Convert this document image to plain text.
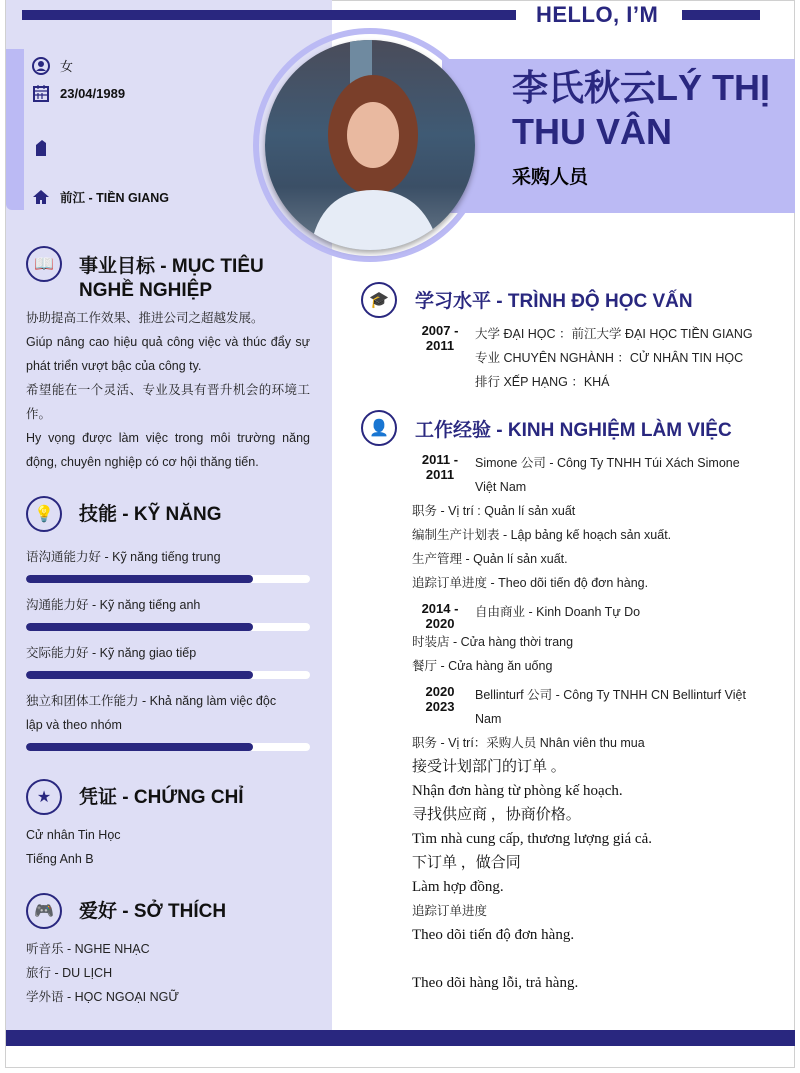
HELLO, I’M
李氏秋云LÝ THỊ THU VÂN
采购人员
女
23/04/1989
前江 - TIỀN GIANG
📖	事业目标 - MỤC TIÊU NGHỀ NGHIỆP
协助提高工作效果、推进公司之超越发展。
Giúp nâng cao hiệu quả công việc và thúc đẩy sự phát triển vượt bậc của công ty.
希望能在一个灵活、专业及具有晋升机会的环境工作。
Hy vọng được làm việc trong môi trường năng động, chuyên nghiệp có cơ hội thăng tiến.
💡	技能 - KỸ NĂNG
语沟通能力好 - Kỹ năng tiếng trung
沟通能力好 - Kỹ năng tiếng anh
交际能力好 - Kỹ năng giao tiếp
独立和团体工作能力 - Khả năng làm việc độc lập và theo nhóm
★	凭证 - CHỨNG CHỈ
Cử nhân Tin Học
Tiếng Anh B
🎮	爱好 - SỞ THÍCH
听音乐 - NGHE NHẠC
旅行 - DU LỊCH
学外语 - HỌC NGOẠI NGỮ
🎓	学习水平 - TRÌNH ĐỘ HỌC VẤN
2007 - 2011
大学 ĐẠI HỌC ：前江大学 ĐẠI HỌC TIỀN GIANG
专业 CHUYÊN NGHÀNH ：CỬ NHÂN TIN HỌC
排行 XẾP HẠNG ：KHÁ
👤	工作经验 - KINH NGHIỆM LÀM VIỆC
2011 - 2011
Simone 公司 - Công Ty TNHH Túi Xách Simone Việt Nam
职务 - Vị trí : Quản lí sản xuất
编制生产计划表 - Lập bảng kế hoạch sản xuất.
生产管理 - Quản lí sản xuất.
追踪订单进度 - Theo dõi tiến độ đơn hàng.
2014 - 2020
自由商业 - Kinh Doanh Tự Do
时装店 - Cửa hàng thời trang
餐厅 - Cửa hàng ăn uống
2020 2023
Bellinturf 公司 - Công Ty TNHH CN Bellinturf Việt Nam
职务 - Vị trí：采购人员 Nhân viên thu mua
接受计划部门的订单 。
Nhận đơn hàng từ phòng kế hoạch.
寻找供应商 ，协商价格。
Tìm nhà cung cấp, thương lượng giá cả.
下订单 ，做合同
Làm hợp đồng.
追踪订单进度
Theo dõi tiến độ đơn hàng.
Theo dõi hàng lỗi, trả hàng.
